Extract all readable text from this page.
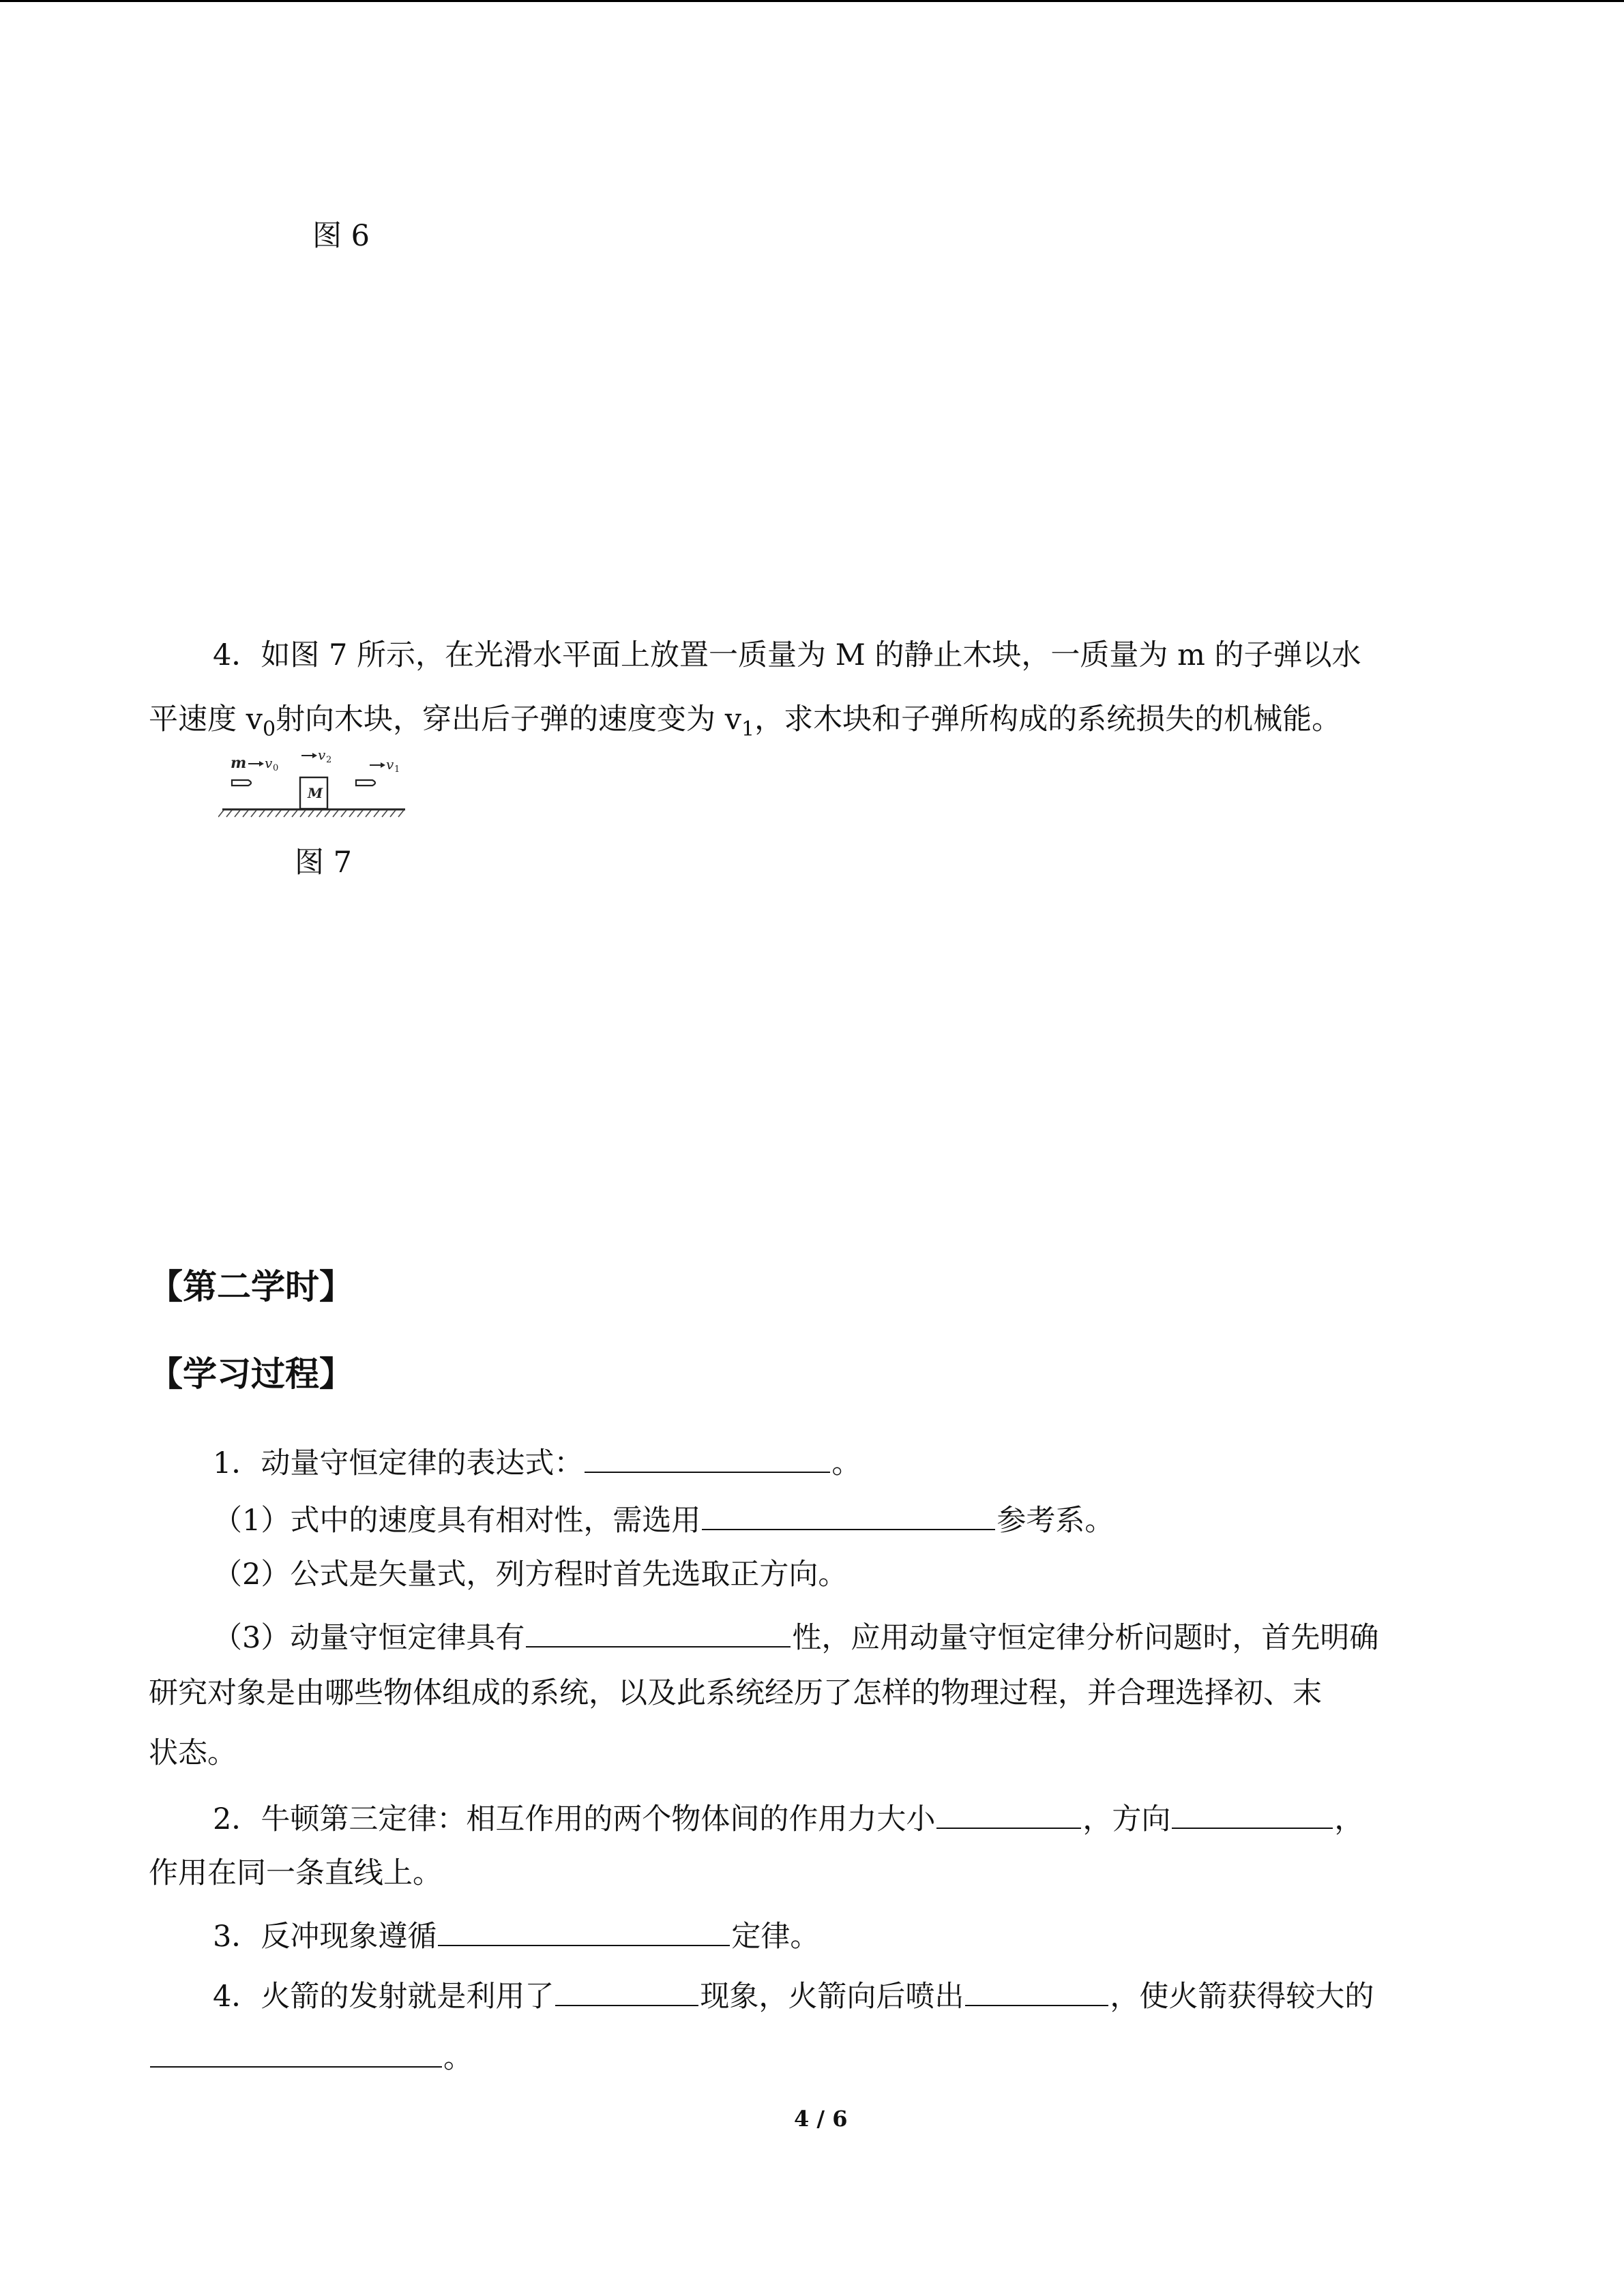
图 6
4．如图 7 所示，在光滑水平面上放置一质量为 M 的静止木块，一质量为 m 的子弹以水
平速度 $v_0$射向木块，穿出后子弹的速度变为 $v_1$，求木块和子弹所构成的系统损失的机械能。
m v 0
M
v 2	v 1
图 7
【第二学时】
【学习过程】
1．动量守恒定律的表达式：	。
（1）式中的速度具有相对性，需选用	参考系。
（2）公式是矢量式，列方程时首先选取正方向。
（3）动量守恒定律具有	性，应用动量守恒定律分析问题时，首先明确
研究对象是由哪些物体组成的系统，以及此系统经历了怎样的物理过程，并合理选择初、末
状态。
2．牛顿第三定律：相互作用的两个物体间的作用力大小	，方向	，
作用在同一条直线上。
3．反冲现象遵循	定律。
4．火箭的发射就是利用了	现象，火箭向后喷出	，使火箭获得较大的
。
4 / 6
